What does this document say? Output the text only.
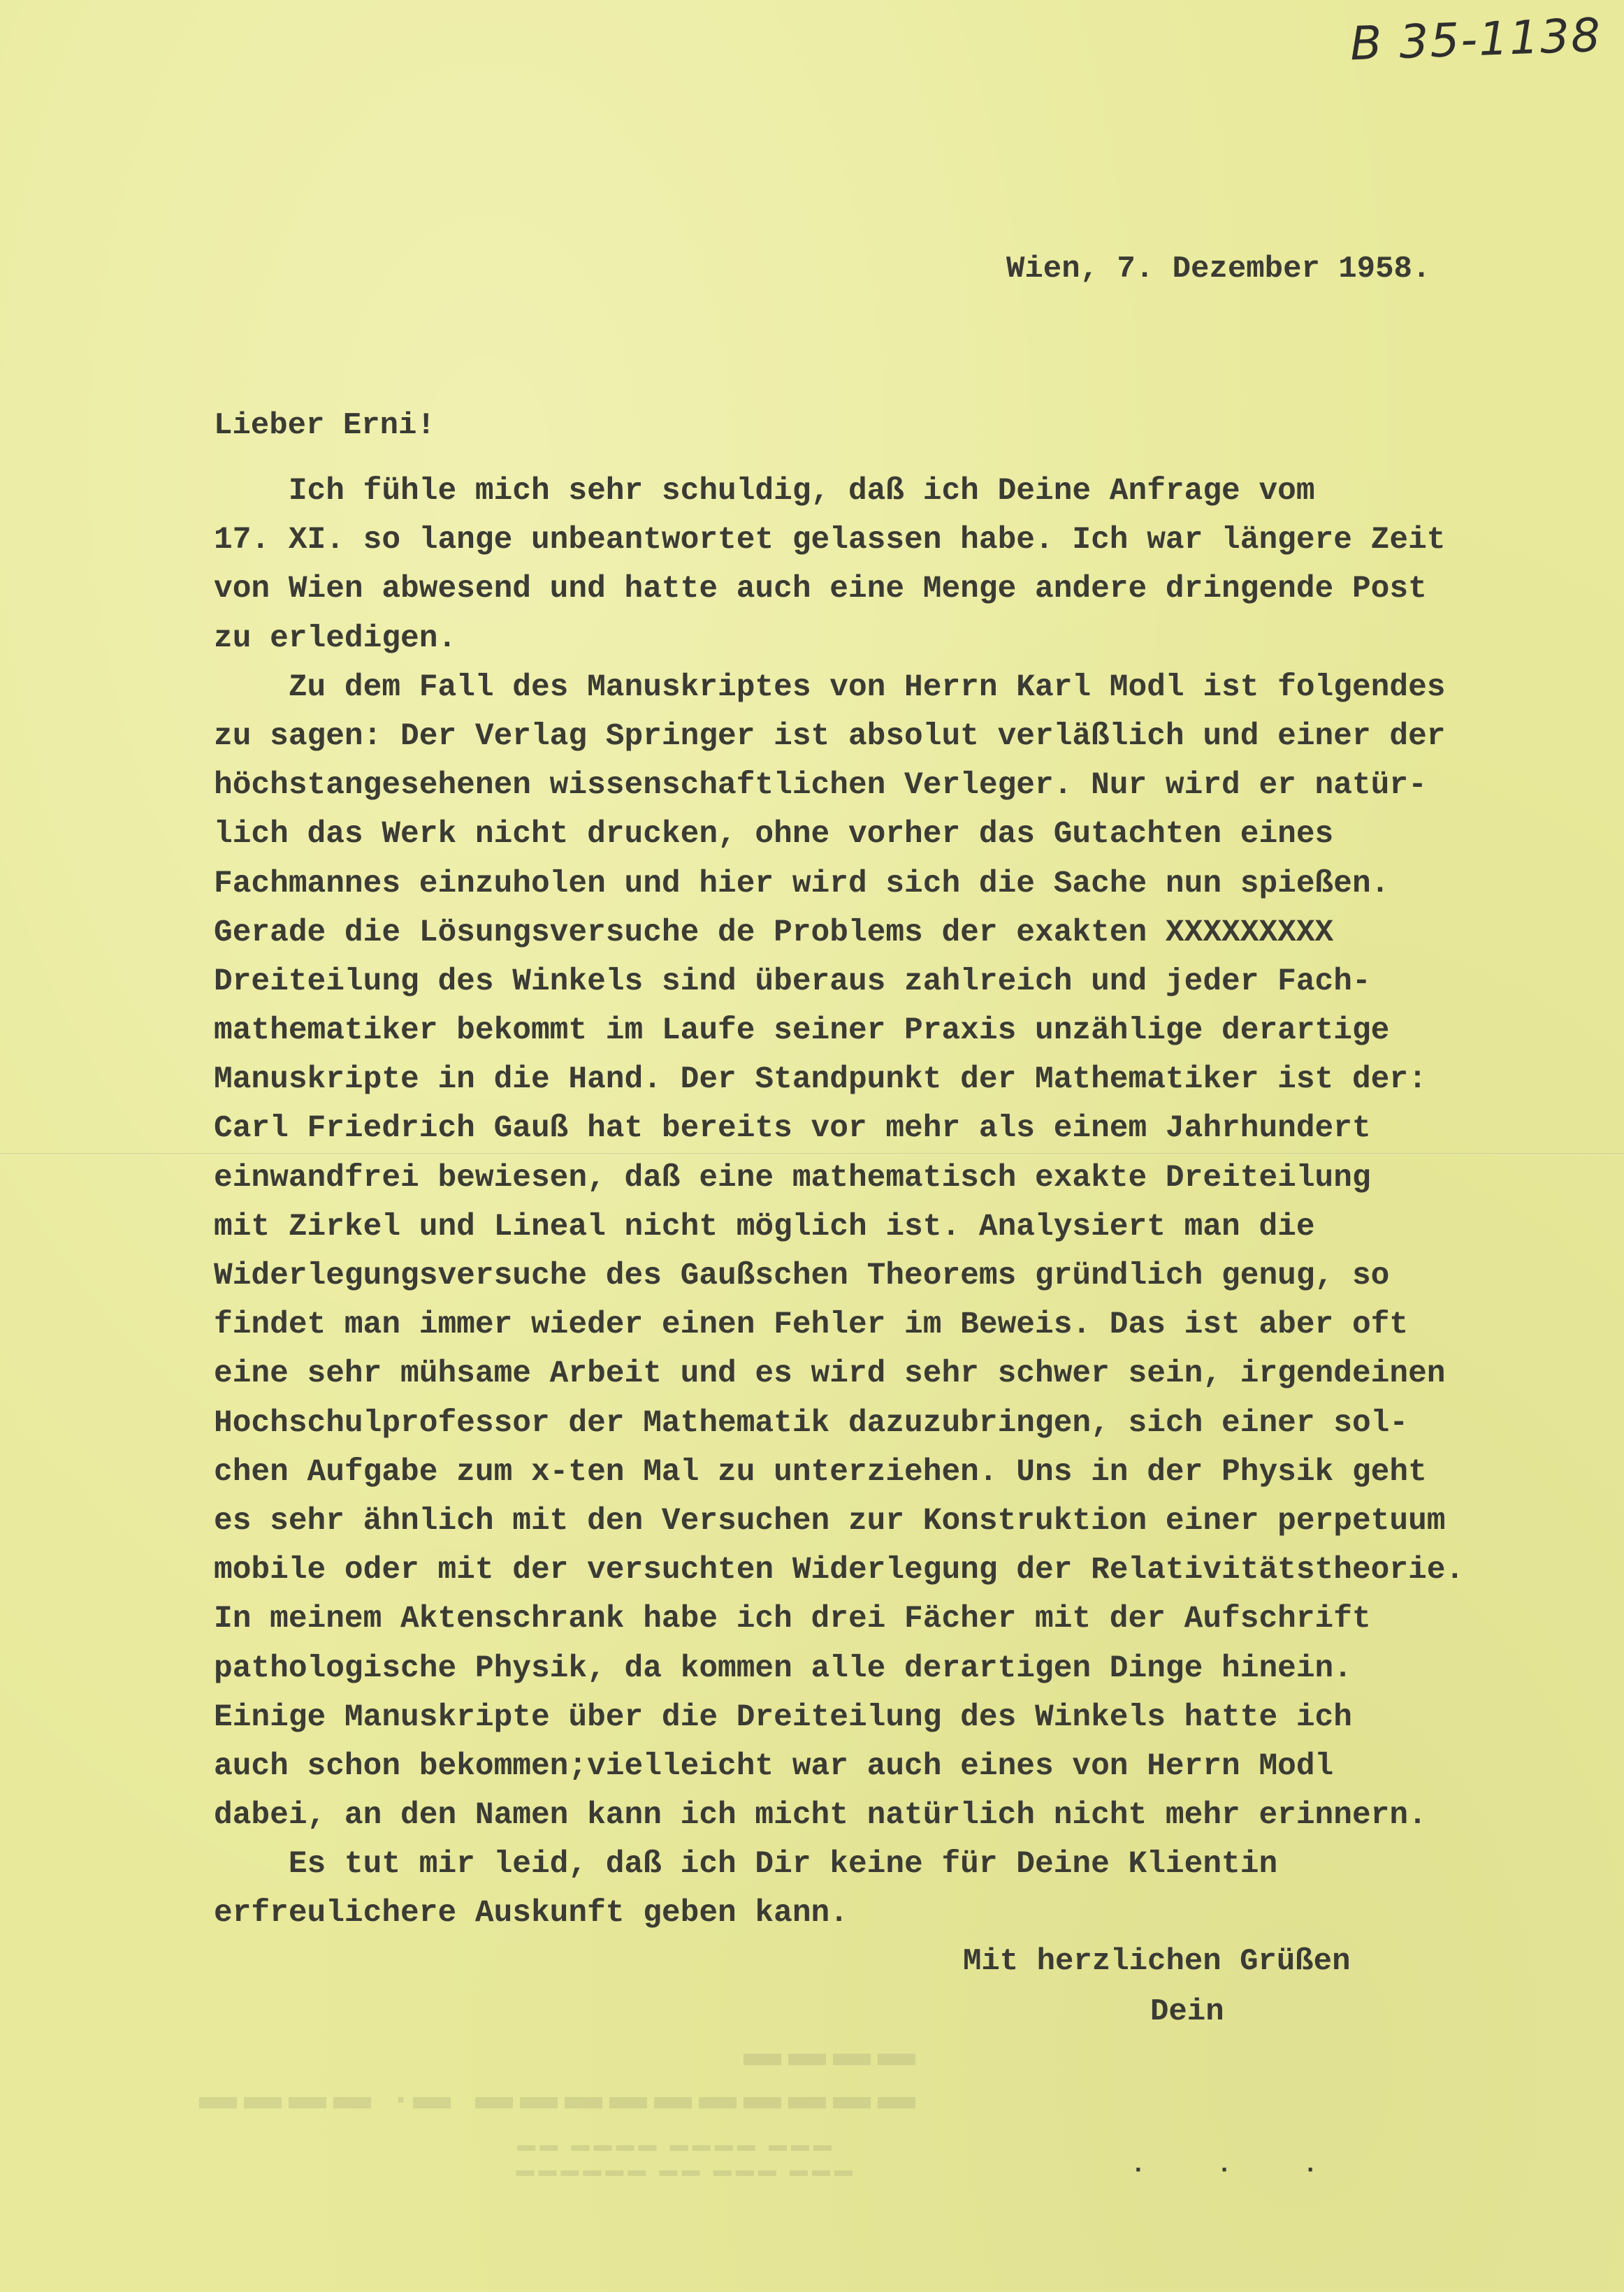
B 35-1138
Wien, 7. Dezember 1958.
Lieber Erni!
Ich fühle mich sehr schuldig, daß ich Deine Anfrage vom
17. XI. so lange unbeantwortet gelassen habe. Ich war längere Zeit
von Wien abwesend und hatte auch eine Menge andere dringende Post
zu erledigen.
Zu dem Fall des Manuskriptes von Herrn Karl Modl ist folgendes
zu sagen: Der Verlag Springer ist absolut verläßlich und einer der
höchstangesehenen wissenschaftlichen Verleger. Nur wird er natür-
lich das Werk nicht drucken, ohne vorher das Gutachten eines
Fachmannes einzuholen und hier wird sich die Sache nun spießen.
Gerade die Lösungsversuche de Problems der exakten XXXXXXXXX
Dreiteilung des Winkels sind überaus zahlreich und jeder Fach-
mathematiker bekommt im Laufe seiner Praxis unzählige derartige
Manuskripte in die Hand. Der Standpunkt der Mathematiker ist der:
Carl Friedrich Gauß hat bereits vor mehr als einem Jahrhundert
einwandfrei bewiesen, daß eine mathematisch exakte Dreiteilung
mit Zirkel und Lineal nicht möglich ist. Analysiert man die
Widerlegungsversuche des Gaußschen Theorems gründlich genug, so
findet man immer wieder einen Fehler im Beweis. Das ist aber oft
eine sehr mühsame Arbeit und es wird sehr schwer sein, irgendeinen
Hochschulprofessor der Mathematik dazuzubringen, sich einer sol-
chen Aufgabe zum x-ten Mal zu unterziehen. Uns in der Physik geht
es sehr ähnlich mit den Versuchen zur Konstruktion einer perpetuum
mobile oder mit der versuchten Widerlegung der Relativitätstheorie.
In meinem Aktenschrank habe ich drei Fächer mit der Aufschrift
pathologische Physik, da kommen alle derartigen Dinge hinein.
Einige Manuskripte über die Dreiteilung des Winkels hatte ich
auch schon bekommen;vielleicht war auch eines von Herrn Modl
dabei, an den Namen kann ich micht natürlich nicht mehr erinnern.
Es tut mir leid, daß ich Dir keine für Deine Klientin
erfreulichere Auskunft geben kann.
Mit herzlichen Grüßen
Dein
▬▬▬ ▬▬▬ ▬▬ ▬▬▬▬▬▬
▬▬▬ ▬▬▬▬ ▬▬▬▬ ▬▬
▬▬▬▬▬▬▬▬▬▬ ▬. ▬▬▬▬ ▬▬▬▬
· · ·
